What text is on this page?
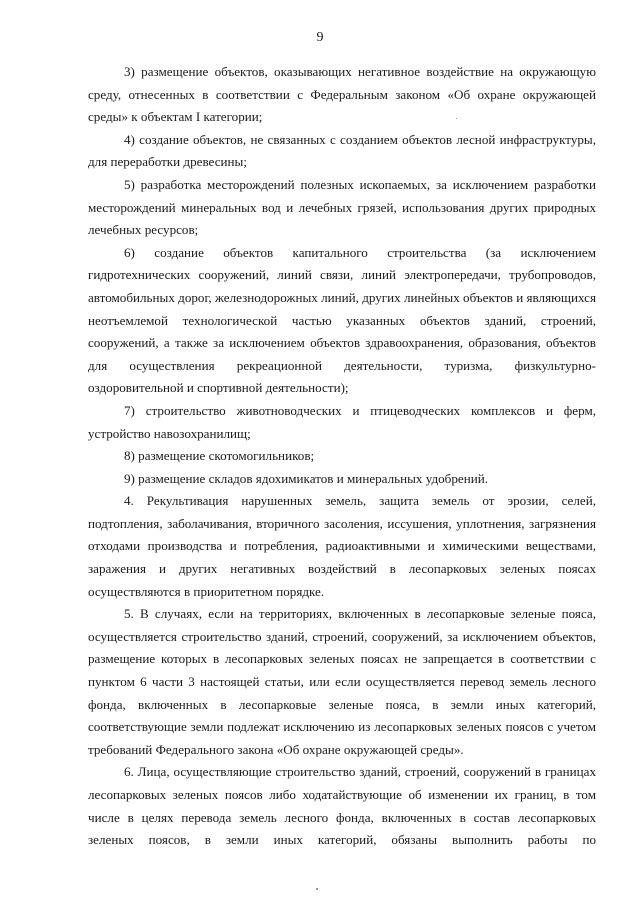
9

3) размещение объектов, оказывающих негативное воздействие на окружающую среду, отнесенных в соответствии с Федеральным законом «Об охране окружающей среды» к объектам I категории;

4) создание объектов, не связанных с созданием объектов лесной инфраструктуры, для переработки древесины;

5) разработка месторождений полезных ископаемых, за исключением разработки месторождений минеральных вод и лечебных грязей, использования других природных лечебных ресурсов;

6) создание объектов капитального строительства (за исключением гидротехнических сооружений, линий связи, линий электропередачи, трубопроводов, автомобильных дорог, железнодорожных линий, других линейных объектов и являющихся неотъемлемой технологической частью указанных объектов зданий, строений, сооружений, а также за исключением объектов здравоохранения, образования, объектов для осуществления рекреационной деятельности, туризма, физкультурно-оздоровительной и спортивной деятельности);

7) строительство животноводческих и птицеводческих комплексов и ферм, устройство навозохранилищ;

8) размещение скотомогильников;

9) размещение складов ядохимикатов и минеральных удобрений.

4. Рекультивация нарушенных земель, защита земель от эрозии, селей, подтопления, заболачивания, вторичного засоления, иссушения, уплотнения, загрязнения отходами производства и потребления, радиоактивными и химическими веществами, заражения и других негативных воздействий в лесопарковых зеленых поясах осуществляются в приоритетном порядке.

5. В случаях, если на территориях, включенных в лесопарковые зеленые пояса, осуществляется строительство зданий, строений, сооружений, за исключением объектов, размещение которых в лесопарковых зеленых поясах не запрещается в соответствии с пунктом 6 части 3 настоящей статьи, или если осуществляется перевод земель лесного фонда, включенных в лесопарковые зеленые пояса, в земли иных категорий, соответствующие земли подлежат исключению из лесопарковых зеленых поясов с учетом требований Федерального закона «Об охране окружающей среды».

6. Лица, осуществляющие строительство зданий, строений, сооружений в границах лесопарковых зеленых поясов либо ходатайствующие об изменении их границ, в том числе в целях перевода земель лесного фонда, включенных в состав лесопарковых зеленых поясов, в земли иных категорий, обязаны выполнить работы по
